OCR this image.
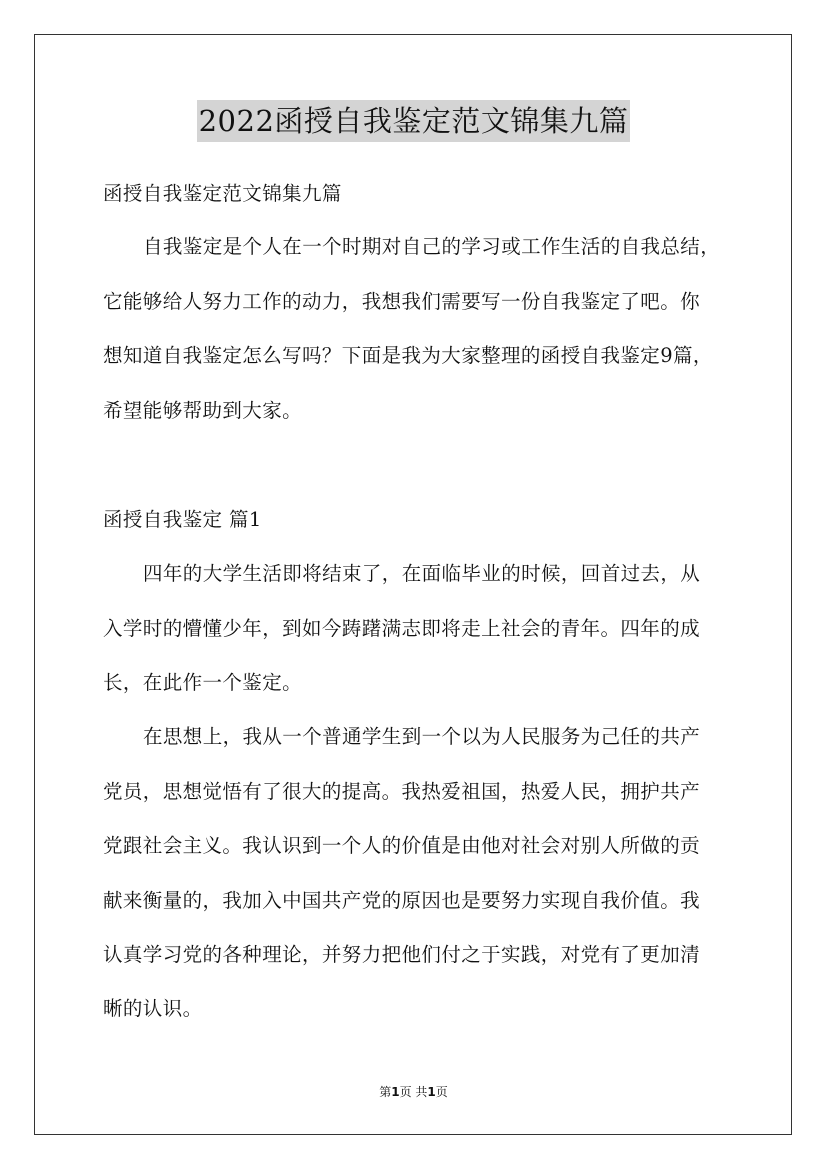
2022函授自我鉴定范文锦集九篇
函授自我鉴定范文锦集九篇
自我鉴定是个人在一个时期对自己的学习或工作生活的自我总结，
它能够给人努力工作的动力，我想我们需要写一份自我鉴定了吧。你
想知道自我鉴定怎么写吗？下面是我为大家整理的函授自我鉴定9篇，
希望能够帮助到大家。
函授自我鉴定 篇1
四年的大学生活即将结束了，在面临毕业的时候，回首过去，从
入学时的懵懂少年，到如今踌躇满志即将走上社会的青年。四年的成
长，在此作一个鉴定。
在思想上，我从一个普通学生到一个以为人民服务为己任的共产
党员，思想觉悟有了很大的提高。我热爱祖国，热爱人民，拥护共产
党跟社会主义。我认识到一个人的价值是由他对社会对别人所做的贡
献来衡量的，我加入中国共产党的原因也是要努力实现自我价值。我
认真学习党的各种理论，并努力把他们付之于实践，对党有了更加清
晰的认识。
第1页 共1页
